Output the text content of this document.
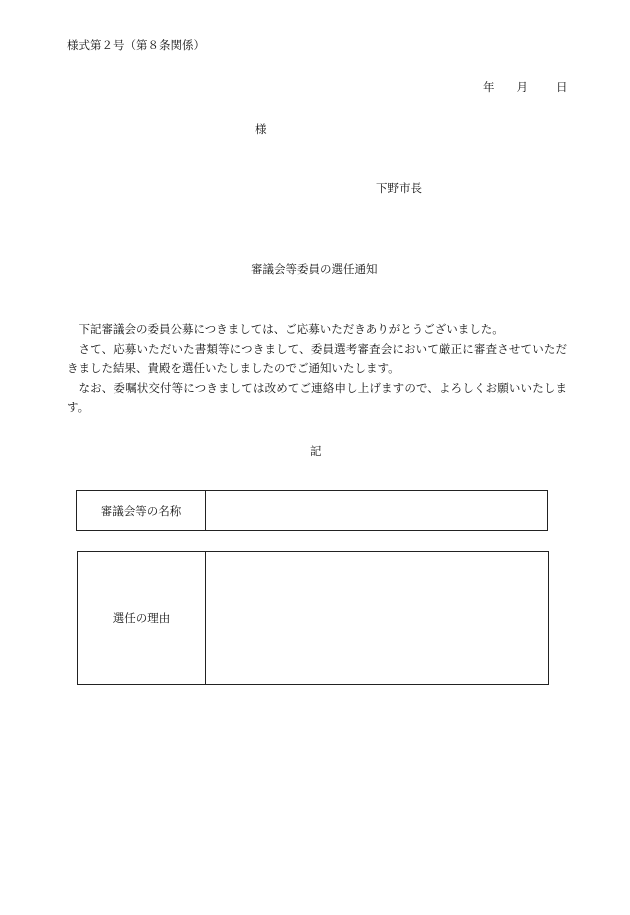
様式第２号（第８条関係）
年 月 日
様
下野市長
審議会等委員の選任通知

下記審議会の委員公募につきましては、ご応募いただきありがとうございました。

さて、応募いただいた書類等につきまして、委員選考審査会において厳正に審査させていただきました結果、貴殿を選任いたしましたのでご通知いたします。

なお、委嘱状交付等につきましては改めてご連絡申し上げますので、よろしくお願いいたします。

記
審議会等の名称
選任の理由
